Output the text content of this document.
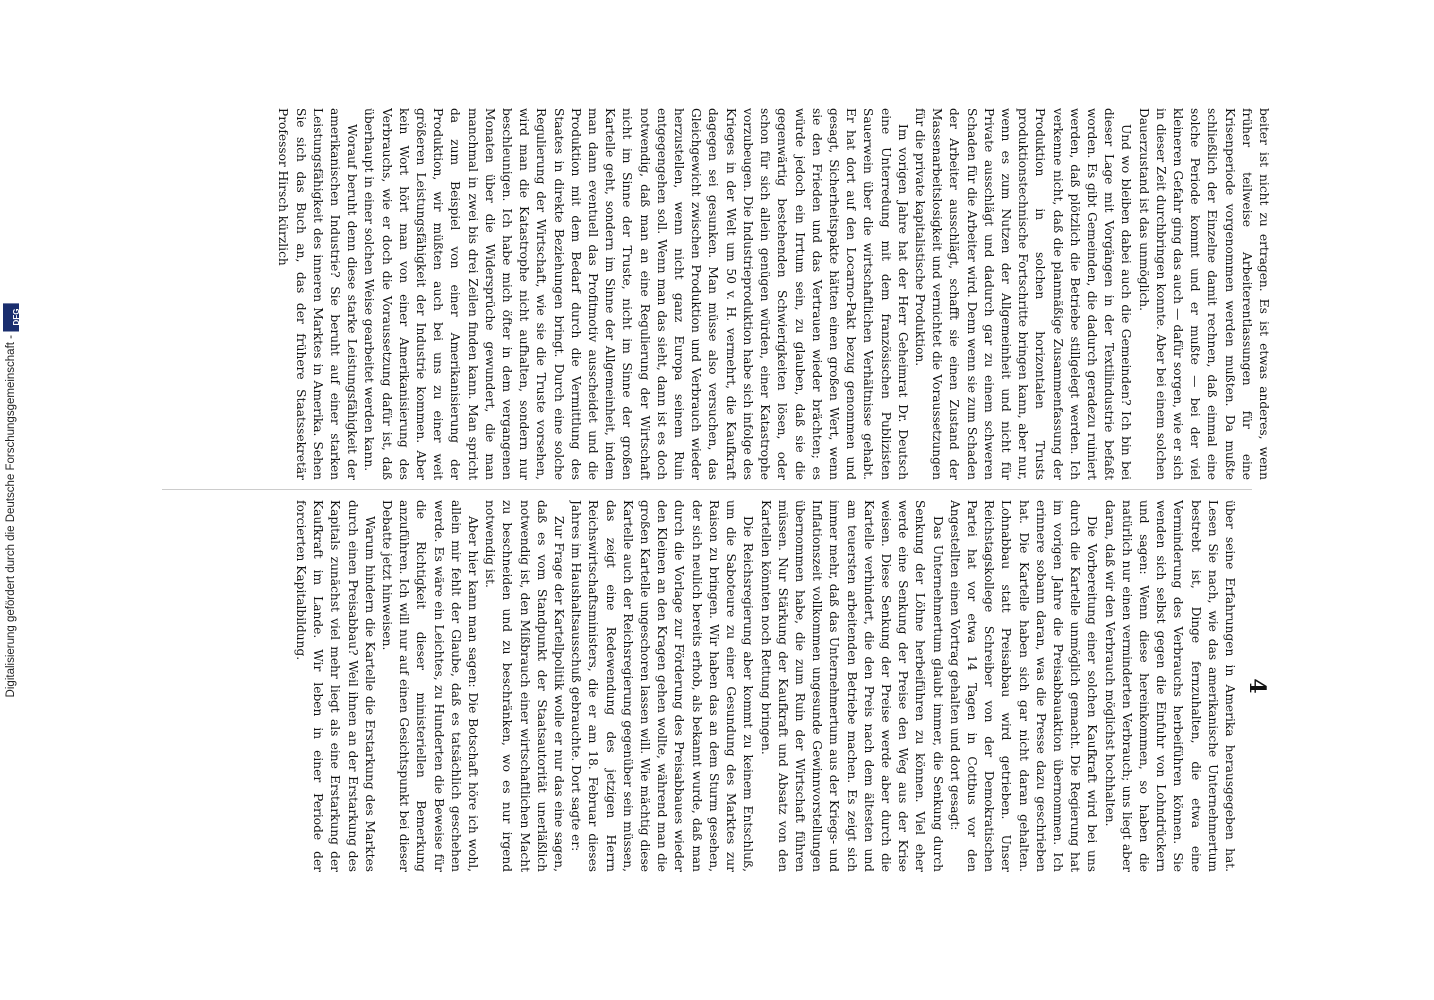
Digitalisierung gefördert durch die Deutsche Forschungsgemeinschaft -
DFG	beiter ist nicht zu ertragen. Es ist etwas anderes, wenn früher teilweise Arbeiterentlassungen für eine Krisenperiode vorgenommen werden mußten. Da mußte schließlich der Einzelne damit rechnen, daß einmal eine solche Periode kommt und er mußte — bei der viel kleineren Gefahr ging das auch — dafür sorgen, wie er sich in dieser Zeit durchbringen konnte. Aber bei einem solchen Dauerzustand ist das unmöglich.

Und wo bleiben dabei auch die Gemeinden? Ich bin bei dieser Lage mit Vorgängen in der Textilindustrie befaßt worden. Es gibt Gemeinden, die dadurch geradezu ruiniert werden, daß plötzlich die Betriebe stillgelegt werden. Ich verkenne nicht, daß die planmäßige Zusammenfassung der Produktion in solchen horizontalen Trusts produktionstechnische Fortschritte bringen kann, aber nur, wenn es zum Nutzen der Allgemeinheit und nicht für Private ausschlägt und dadurch gar zu einem schweren Schaden für die Arbeiter wird. Denn wenn sie zum Schaden der Arbeiter ausschlägt, schafft sie einen Zustand der Massenarbeitslosigkeit und vernichtet die Voraussetzungen für die private kapitalistische Produktion.

Im vorigen Jahre hat der Herr Geheimrat Dr. Deutsch eine Unterredung mit dem französischen Publizisten Sauerwein über die wirtschaftlichen Verhältnisse gehabt. Er hat dort auf den Locarno-Pakt bezug genommen und gesagt, Sicherheitspakte hätten einen großen Wert, wenn sie den Frieden und das Vertrauen wieder brächten; es würde jedoch ein Irrtum sein, zu glauben, daß sie die gegenwärtig bestehenden Schwierigkeiten lösen, oder schon für sich allein genügen würden, einer Katastrophe vorzubeugen. Die Industrieproduktion habe sich infolge des Krieges in der Welt um 50 v. H. vermehrt, die Kaufkraft dagegen sei gesunken. Man müsse also versuchen, das Gleichgewicht zwischen Produktion und Verbrauch wieder herzustellen, wenn nicht ganz Europa seinem Ruin entgegengehen soll. Wenn man das sieht, dann ist es doch notwendig, daß man an eine Regulierung der Wirtschaft nicht im Sinne der Truste, nicht im Sinne der großen Kartelle geht, sondern im Sinne der Allgemeinheit, indem man dann eventuell das Profitmotiv ausscheidet und die Produktion mit dem Bedarf durch die Vermittlung des Staates in direkte Beziehungen bringt. Durch eine solche Regulierung der Wirtschaft, wie sie die Truste vorsehen, wird man die Katastrophe nicht aufhalten, sondern nur beschleunigen. Ich habe mich öfter in dem vergangenen Monaten über die Widersprüche gewundert, die man manchmal in zwei bis drei Zeilen finden kann. Man spricht da zum Beispiel von einer Amerikanisierung der Produktion, wir müßten auch bei uns zu einer weit größeren Leistungsfähigkeit der Industrie kommen. Aber kein Wort hört man von einer Amerikanisierung des Verbrauchs, wie er doch die Voraussetzung dafür ist, daß überhaupt in einer solchen Weise gearbeitet werden kann.

Worauf beruht denn diese starke Leistungsfähigkeit der amerikanischen Industrie? Sie beruht auf einer starken Leistungsfähigkeit des inneren Marktes in Amerika. Sehen Sie sich das Buch an, das der frühere Staatssekretär Professor Hirsch kürzlich

4

über seine Erfahrungen in Amerika herausgegeben hat. Lesen Sie nach, wie das amerikanische Unternehmertum bestrebt ist, Dinge fernzuhalten, die etwa eine Verminderung des Verbrauchs herbeiführen können. Sie wenden sich selbst gegen die Einfuhr von Lohndrückern und sagen: Wenn diese hereinkommen, so haben die natürlich nur einen verminderten Verbrauch; uns liegt aber daran, daß wir den Verbrauch möglichst hochhalten.

Die Vorbereitung einer solchen Kaufkraft wird bei uns durch die Kartelle unmöglich gemacht. Die Regierung hat im vorigen Jahre die Preisabbauaktion übernommen. Ich erinnere sobann daran, was die Presse dazu geschrieben hat. Die Kartelle haben sich gar nicht daran gehalten. Lohnabbau statt Preisabbau wird getrieben. Unser Reichstagskollege Schreiber von der Demokratischen Partei hat vor etwa 14 Tagen in Cottbus vor den Angestellten einen Vortrag gehalten und dort gesagt:

Das Unternehmertum glaubt immer, die Senkung durch Senkung der Löhne herbeiführen zu können. Viel eher werde eine Senkung der Preise den Weg aus der Krise weisen. Diese Senkung der Preise werde aber durch die Kartelle verhindert, die den Preis nach dem ältesten und am teuersten arbeitenden Betriebe machen. Es zeigt sich immer mehr, daß das Unternehmertum aus der Kriegs- und Inflationszeit vollkommen ungesunde Gewinnvorstellungen übernommen habe, die zum Ruin der Wirtschaft führen müssen. Nur Stärkung der Kaufkraft und Absatz von den Kartellen könnten noch Rettung bringen.

Die Reichsregierung aber kommt zu keinem Entschluß, um die Saboteure zu einer Gesundung des Marktes zur Raison zu bringen. Wir haben das an dem Sturm gesehen, der sich neulich bereits erhob, als bekannt wurde, daß man durch die Vorlage zur Förderung des Preisabbaues wieder den Kleinen an den Kragen gehen wollte, während man die großen Kartelle ungeschoren lassen will. Wie mächtig diese Kartelle auch der Reichsregierung gegenüber sein müssen, das zeigt eine Redewendung des jetzigen Herrn Reichswirtschaftsministers, die er am 18. Februar dieses Jahres im Haushaltsausschuß gebrauchte. Dort sagte er:

Zur Frage der Kartellpolitik wolle er nur das eine sagen, daß es vom Standpunkt der Staatsautorität unerläßlich notwendig ist, den Mißbrauch einer wirtschaftlichen Macht zu beschneiden und zu beschränken, wo es nur irgend notwendig ist.

Aber hier kann man sagen: Die Botschaft höre ich wohl, allein mir fehlt der Glaube, daß es tatsächlich geschehen werde. Es wäre ein Leichtes, zu Hunderten die Beweise für die Richtigkeit dieser ministeriellen Bemerkung anzuführen. Ich will nur auf einen Gesichtspunkt bei dieser Debatte jetzt hinweisen.

Warum hindern die Kartelle die Erstarkung des Marktes durch einen Preisabbau? Weil ihnen an der Erstarkung des Kapitals zunächst viel mehr liegt als eine Erstarkung der Kaufkraft im Lande. Wir leben in einer Periode der forcierten Kapitalbildung.
